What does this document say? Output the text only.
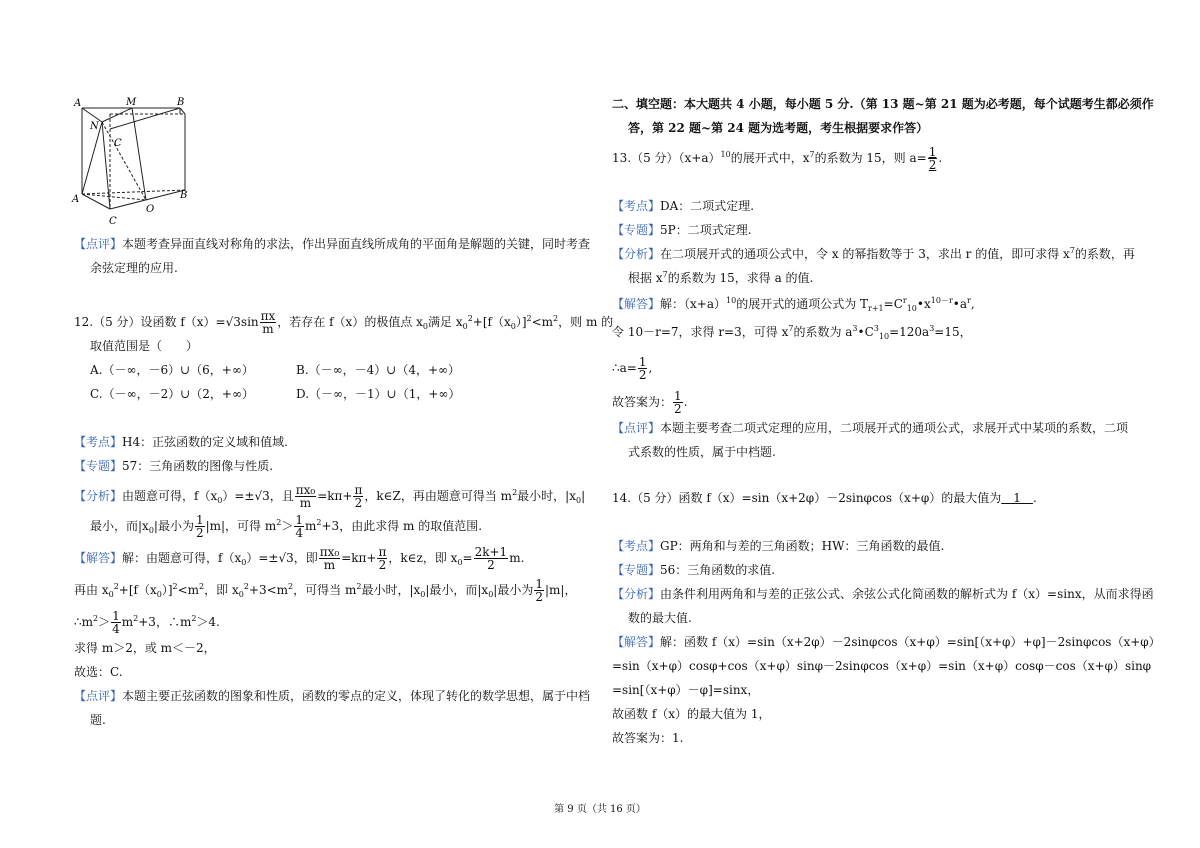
A	M	B
N
C
A
O
B
C
【点评】本题考查异面直线对称角的求法，作出异面直线所成角的平面角是解题的关键，同时考查
余弦定理的应用.
12.（5 分）设函数 $f(x)=√3\sin \frac{\pi x}{m}$ ，若存在 f（x）的极值点 $x_0$满足 $x_0^2+[f(x_0)]^2<m^2$，则 m 的
取值范围是（　　）
A.（－∞，－6）∪（6，+∞）	B.（－∞，－4）∪（4，+∞）
C.（－∞，－2）∪（2，+∞）	D.（－∞，－1）∪（1，+∞）
【考点】H4：正弦函数的定义域和值域.
【专题】57：三角函数的图像与性质.
【分析】由题意可得，$f(x_0)=\pm√3$，且 $\frac{\text{πx₀}}{m} =k\pi+ \frac{\pi}{2}$ ，k∈Z，再由题意可得当 $m^2$最小时，$|x_0|$
最小，而$|x_0|$最小为 $\frac{1}{2} |m|$，可得 $m^2> \frac{1}{4} m^2+3$，由此求得 m 的取值范围.
【解答】解：由题意可得，$f(x_0)=\pm√3$，即 $\frac{\text{πx₀}}{m} =k\pi+ \frac{\pi}{2}$ ，k∈z，即 $x_0= \frac{2k+1}{2} m$.
再由 $x_0^2+[f(x_0)]^2<m^2$，即 $x_0^2+3<m^2$，可得当 $m^2$最小时，$|x_0|$最小，而$|x_0|$最小为 $\frac{1}{2} |m|$，
$\therefore m^2> \frac{1}{4} m^2+3$，$\therefore m^2>4$.
求得 m＞2，或 m＜－2，
故选：C.
【点评】本题主要正弦函数的图象和性质，函数的零点的定义，体现了转化的数学思想，属于中档
题.
二、填空题：本大题共 4 小题，每小题 5 分.（第 13 题~第 21 题为必考题，每个试题考生都必须作
答，第 22 题~第 24 题为选考题，考生根据要求作答）
13.（5 分）$(x+a)^{10}$的展开式中，$x^7$的系数为 15，则 $a= \frac{1}{2}$ .
【考点】DA：二项式定理.
【专题】5P：二项式定理.
【分析】在二项展开式的通项公式中，令 x 的幂指数等于 3，求出 r 的值，即可求得 $x^7$的系数，再
根据 $x^7$的系数为 15，求得 a 的值.
【解答】解：$(x+a)^{10}$的展开式的通项公式为 $T_{r+1}=C^r_{10}•x^{10-r}•a^r$,
令 10－r=7，求得 r=3，可得 $x^7$的系数为 $a^3•C^3_{10}=120a^3=15$，
∴a= $\frac{1}{2}$ ,
故答案为： $\frac{1}{2}$ .
【点评】本题主要考查二项式定理的应用，二项展开式的通项公式，求展开式中某项的系数，二项
式系数的性质，属于中档题.
14.（5 分）函数 f（x）=sin（x+2φ）－2sinφcos（x+φ）的最大值为　1　.
【考点】GP：两角和与差的三角函数；HW：三角函数的最值.
【专题】56：三角函数的求值.
【分析】由条件利用两角和与差的正弦公式、余弦公式化简函数的解析式为 f（x）=sinx，从而求得函
数的最大值.
【解答】解：函数 f（x）=sin（x+2φ）－2sinφcos（x+φ）=sin[（x+φ）+φ]－2sinφcos（x+φ）
=sin（x+φ）cosφ+cos（x+φ）sinφ－2sinφcos（x+φ）=sin（x+φ）cosφ－cos（x+φ）sinφ
=sin[（x+φ）－φ]=sinx，
故函数 f（x）的最大值为 1，
故答案为：1.
第 9 页（共 16 页）
